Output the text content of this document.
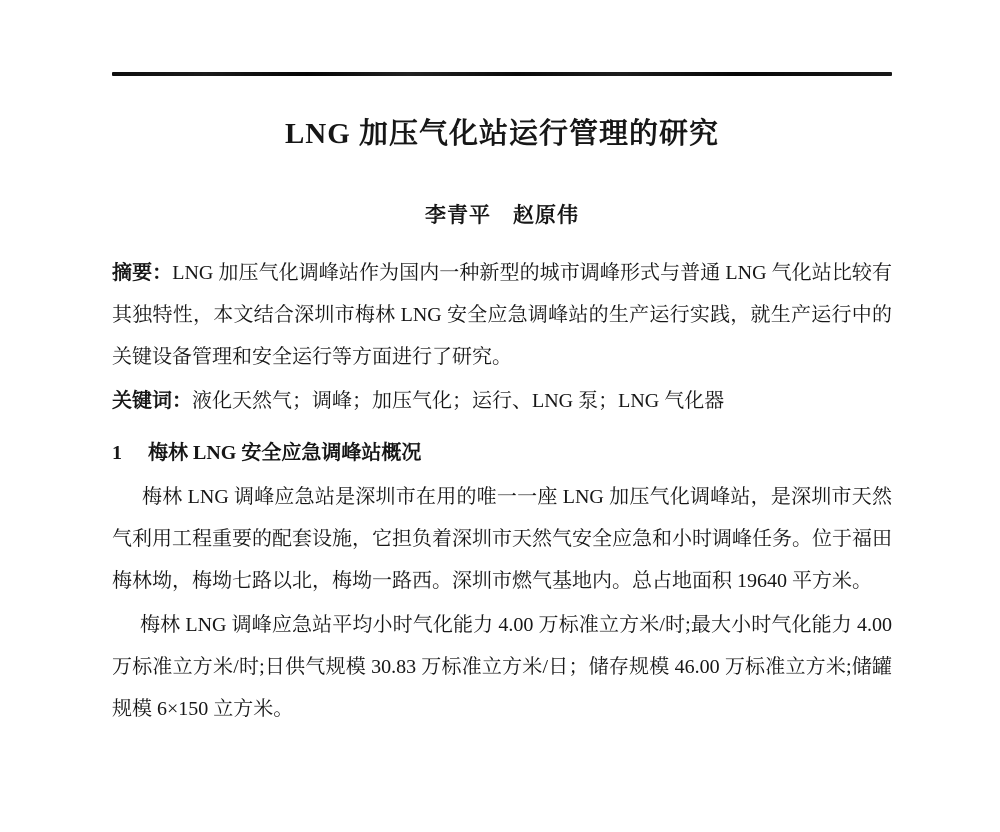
LNG 加压气化站运行管理的研究
李青平　赵原伟

摘要：LNG 加压气化调峰站作为国内一种新型的城市调峰形式与普通 LNG 气化站比较有其独特性，本文结合深圳市梅林 LNG 安全应急调峰站的生产运行实践，就生产运行中的关键设备管理和安全运行等方面进行了研究。

关键词：液化天然气；调峰；加压气化；运行、LNG 泵；LNG 气化器

1 梅林 LNG 安全应急调峰站概况

梅林 LNG 调峰应急站是深圳市在用的唯一一座 LNG 加压气化调峰站，是深圳市天然气利用工程重要的配套设施，它担负着深圳市天然气安全应急和小时调峰任务。位于福田梅林坳，梅坳七路以北，梅坳一路西。深圳市燃气基地内。总占地面积 19640 平方米。

梅林 LNG 调峰应急站平均小时气化能力 4.00 万标准立方米/时;最大小时气化能力 4.00 万标准立方米/时;日供气规模 30.83 万标准立方米/日；储存规模 46.00 万标准立方米;储罐规模 6×150 立方米。
